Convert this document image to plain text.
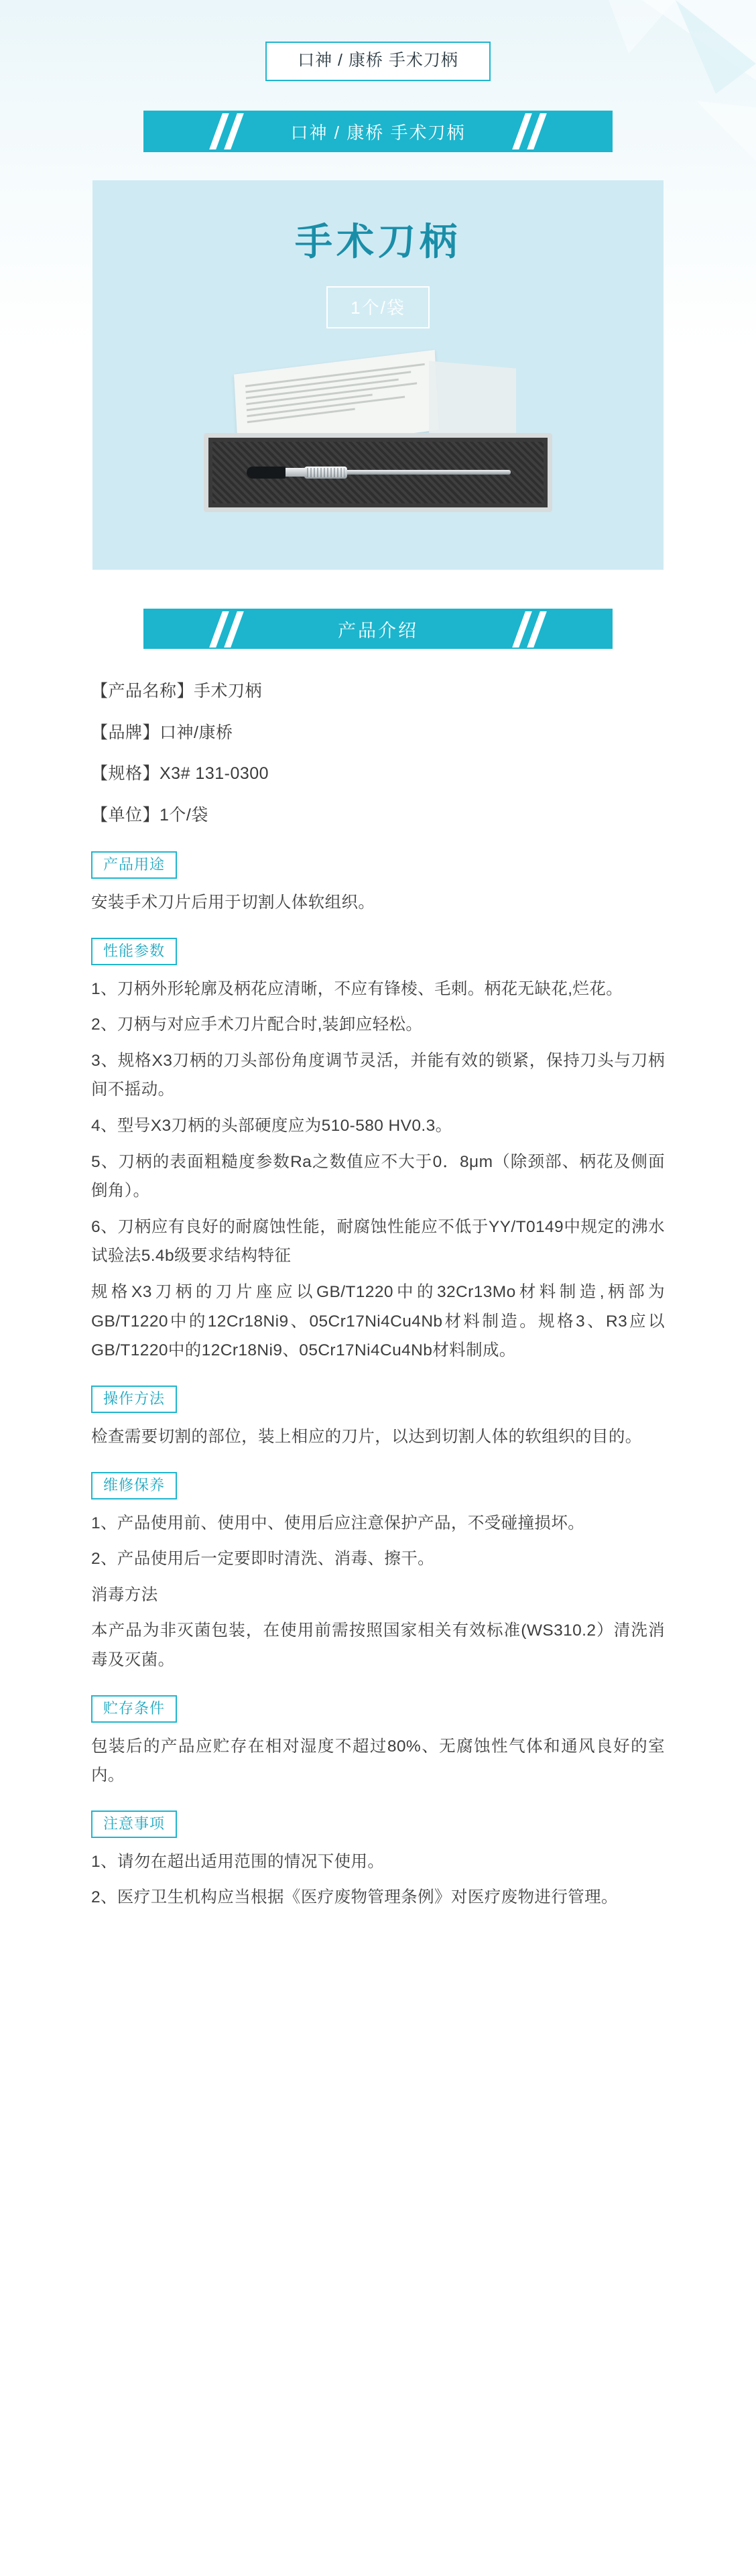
口神 / 康桥 手术刀柄
口神 / 康桥 手术刀柄
手术刀柄
1个/袋
产品介绍
【产品名称】手术刀柄
【品牌】口神/康桥
【规格】X3# 131-0300
【单位】1个/袋
产品用途
安装手术刀片后用于切割人体软组织。
性能参数
1、刀柄外形轮廓及柄花应清晰，不应有锋棱、毛刺。柄花无缺花,烂花。
2、刀柄与对应手术刀片配合时,装卸应轻松。
3、规格X3刀柄的刀头部份角度调节灵活，并能有效的锁紧，保持刀头与刀柄间不摇动。
4、型号X3刀柄的头部硬度应为510-580 HV0.3。
5、刀柄的表面粗糙度参数Ra之数值应不大于0．8μm（除颈部、柄花及侧面倒角）。
6、刀柄应有良好的耐腐蚀性能，耐腐蚀性能应不低于YY/T0149中规定的沸水试验法5.4b级要求结构特征
规格X3刀柄的刀片座应以GB/T1220中的32Cr13Mo材料制造,柄部为GB/T1220中的12Cr18Ni9、05Cr17Ni4Cu4Nb材料制造。规格3、R3应以GB/T1220中的12Cr18Ni9、05Cr17Ni4Cu4Nb材料制成。
操作方法
检查需要切割的部位，装上相应的刀片，以达到切割人体的软组织的目的。
维修保养
1、产品使用前、使用中、使用后应注意保护产品，不受碰撞损坏。
2、产品使用后一定要即时清洗、消毒、擦干。
消毒方法
本产品为非灭菌包装，在使用前需按照国家相关有效标准(WS310.2）清洗消毒及灭菌。
贮存条件
包装后的产品应贮存在相对湿度不超过80%、无腐蚀性气体和通风良好的室内。
注意事项
1、请勿在超出适用范围的情况下使用。
2、医疗卫生机构应当根据《医疗废物管理条例》对医疗废物进行管理。
